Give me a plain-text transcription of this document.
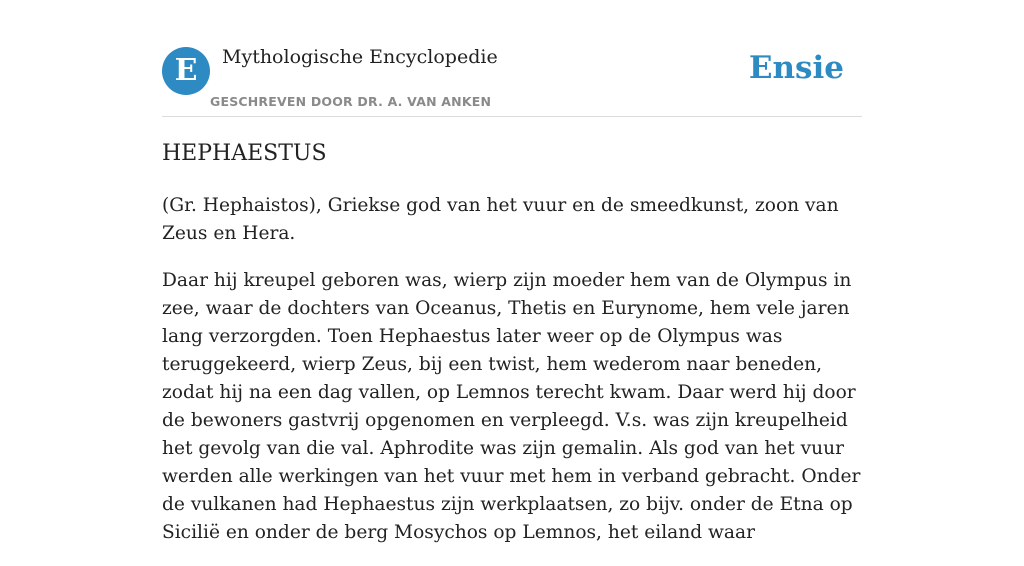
E	Mythologische Encyclopedie
GESCHREVEN DOOR DR. A. VAN ANKEN
Ensie
HEPHAESTUS

(Gr. Hephaistos), Griekse god van het vuur en de smeedkunst, zoon van Zeus en Hera.

Daar hij kreupel geboren was, wierp zijn moeder hem van de Olympus in zee, waar de dochters van Oceanus, Thetis en Eurynome, hem vele jaren lang verzorgden. Toen Hephaestus later weer op de Olympus was teruggekeerd, wierp Zeus, bij een twist, hem wederom naar beneden, zodat hij na een dag vallen, op Lemnos terecht kwam. Daar werd hij door de bewoners gastvrij opgenomen en verpleegd. V.s. was zijn kreupelheid het gevolg van die val. Aphrodite was zijn gemalin. Als god van het vuur werden alle werkingen van het vuur met hem in verband gebracht. Onder de vulkanen had Hephaestus zijn werkplaatsen, zo bijv. onder de Etna op Sicilië en onder de berg Mosychos op Lemnos, het eiland waar
